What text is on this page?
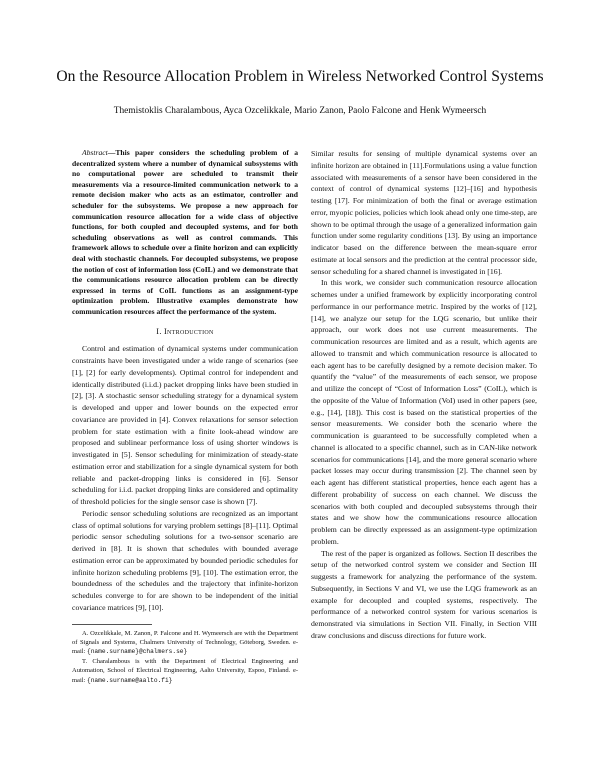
On the Resource Allocation Problem in Wireless Networked Control Systems
Themistoklis Charalambous, Ayca Ozcelikkale, Mario Zanon, Paolo Falcone and Henk Wymeersch

Abstract—This paper considers the scheduling problem of a decentralized system where a number of dynamical subsystems with no computational power are scheduled to transmit their measurements via a resource-limited communication network to a remote decision maker who acts as an estimator, controller and scheduler for the subsystems. We propose a new approach for communication resource allocation for a wide class of objective functions, for both coupled and decoupled systems, and for both scheduling observations as well as control commands. This framework allows to schedule over a finite horizon and can explicitly deal with stochastic channels. For decoupled subsystems, we propose the notion of cost of information loss (CoIL) and we demonstrate that the communications resource allocation problem can be directly expressed in terms of CoIL functions as an assignment-type optimization problem. Illustrative examples demonstrate how communication resources affect the performance of the system.

I. Introduction

Control and estimation of dynamical systems under communication constraints have been investigated under a wide range of scenarios (see [1], [2] for early developments). Optimal control for independent and identically distributed (i.i.d.) packet dropping links have been studied in [2], [3]. A stochastic sensor scheduling strategy for a dynamical system is developed and upper and lower bounds on the expected error covariance are provided in [4]. Convex relaxations for sensor selection problem for state estimation with a finite look-ahead window are proposed and sublinear performance loss of using shorter windows is investigated in [5]. Sensor scheduling for minimization of steady-state estimation error and stabilization for a single dynamical system for both reliable and packet-dropping links is considered in [6]. Sensor scheduling for i.i.d. packet dropping links are considered and optimality of threshold policies for the single sensor case is shown [7].

Periodic sensor scheduling solutions are recognized as an important class of optimal solutions for varying problem settings [8]–[11]. Optimal periodic sensor scheduling solutions for a two-sensor scenario are derived in [8]. It is shown that schedules with bounded average estimation error can be approximated by bounded periodic schedules for infinite horizon scheduling problems [9], [10]. The estimation error, the boundedness of the schedules and the trajectory that infinite-horizon schedules converge to for are shown to be independent of the initial covariance matrices [9], [10].

A. Ozcelikkale, M. Zanon, P. Falcone and H. Wymeersch are with the Department of Signals and Systems, Chalmers University of Technology, Göteborg, Sweden. e-mail: {name.surname}@chalmers.se}

T. Charalambous is with the Department of Electrical Engineering and Automation, School of Electrical Engineering, Aalto University, Espoo, Finland. e-mail: {name.surname@aalto.fi}

Similar results for sensing of multiple dynamical systems over an infinite horizon are obtained in [11].Formulations using a value function associated with measurements of a sensor have been considered in the context of control of dynamical systems [12]–[16] and hypothesis testing [17]. For minimization of both the final or average estimation error, myopic policies, policies which look ahead only one time-step, are shown to be optimal through the usage of a generalized information gain function under some regularity conditions [13]. By using an importance indicator based on the difference between the mean-square error estimate at local sensors and the prediction at the central processor side, sensor scheduling for a shared channel is investigated in [16].

In this work, we consider such communication resource allocation schemes under a unified framework by explicitly incorporating control performance in our performance metric. Inspired by the works of [12], [14], we analyze our setup for the LQG scenario, but unlike their approach, our work does not use current measurements. The communication resources are limited and as a result, which agents are allowed to transmit and which communication resource is allocated to each agent has to be carefully designed by a remote decision maker. To quantify the “value” of the measurements of each sensor, we propose and utilize the concept of “Cost of Information Loss” (CoIL), which is the opposite of the Value of Information (VoI) used in other papers (see, e.g., [14], [18]). This cost is based on the statistical properties of the sensor measurements. We consider both the scenario where the communication is guaranteed to be successfully completed when a channel is allocated to a specific channel, such as in CAN-like network scenarios for communications [14], and the more general scenario where packet losses may occur during transmission [2]. The channel seen by each agent has different statistical properties, hence each agent has a different probability of success on each channel. We discuss the scenarios with both coupled and decoupled subsystems through their states and we show how the communications resource allocation problem can be directly expressed as an assignment-type optimization problem.

The rest of the paper is organized as follows. Section II describes the setup of the networked control system we consider and Section III suggests a framework for analyzing the performance of the system. Subsequently, in Sections V and VI, we use the LQG framework as an example for decoupled and coupled systems, respectively. The performance of a networked control system for various scenarios is demonstrated via simulations in Section VII. Finally, in Section VIII draw conclusions and discuss directions for future work.
